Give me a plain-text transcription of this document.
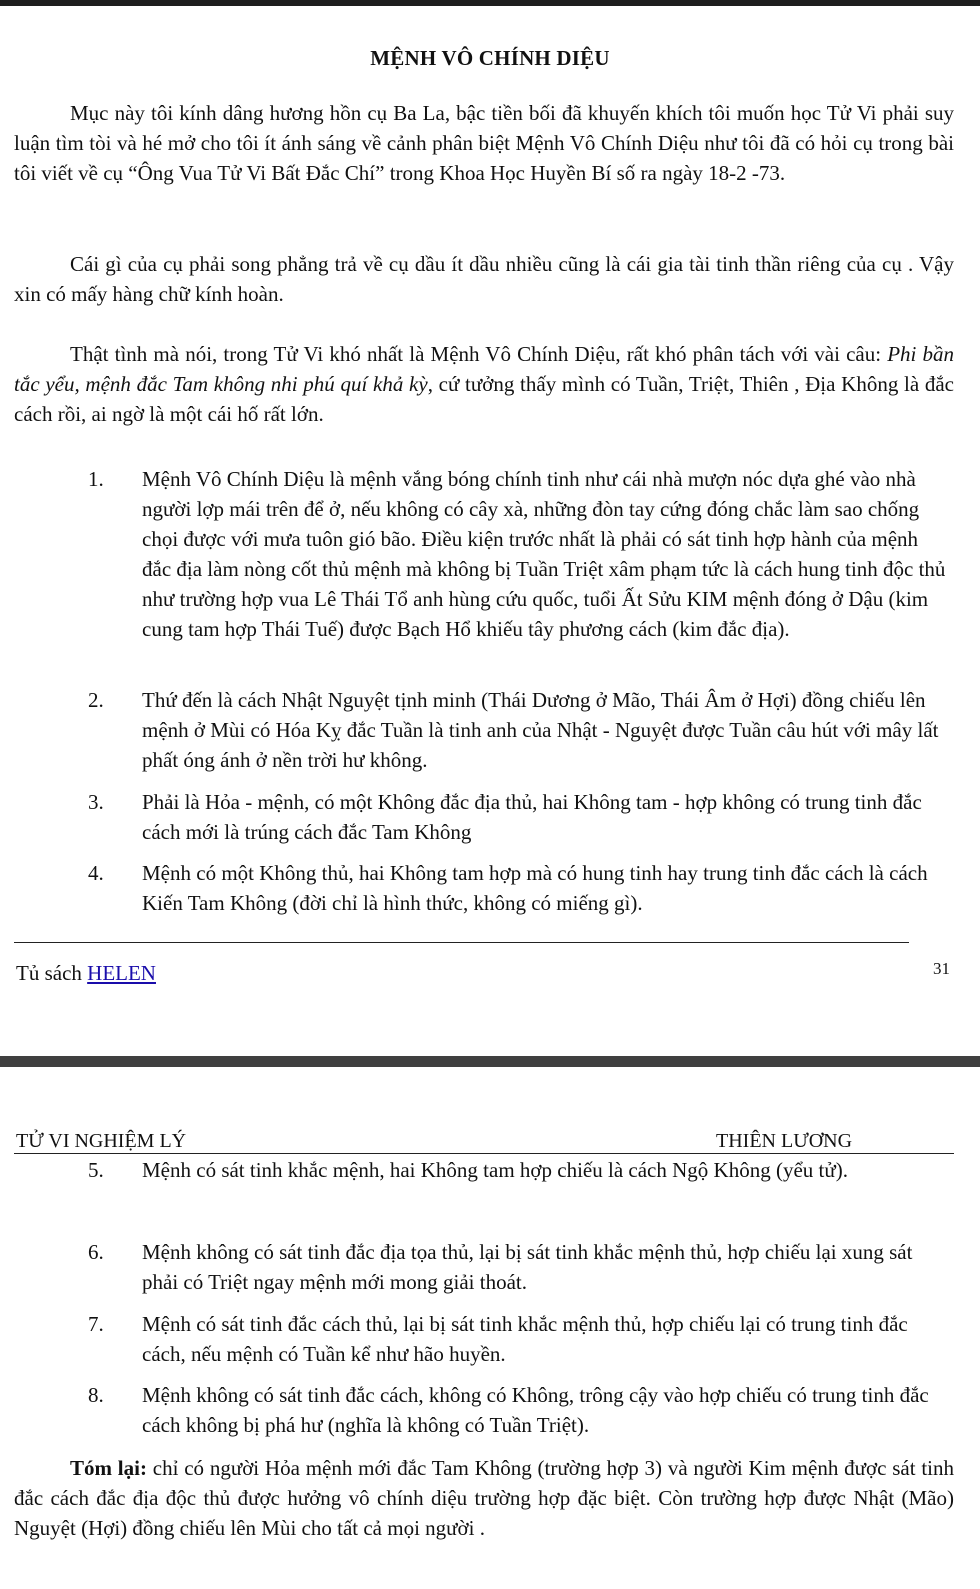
MỆNH VÔ CHÍNH DIỆU

Mục này tôi kính dâng hương hồn cụ Ba La, bậc tiền bối đã khuyến khích tôi muốn học Tử Vi phải suy luận tìm tòi và hé mở cho tôi ít ánh sáng về cảnh phân biệt Mệnh Vô Chính Diệu như tôi đã có hỏi cụ trong bài tôi viết về cụ “Ông Vua Tử Vi Bất Đắc Chí” trong Khoa Học Huyền Bí số ra ngày 18-2 -73.

Cái gì của cụ phải song phẳng trả về cụ dầu ít dầu nhiều cũng là cái gia tài tinh thần riêng của cụ . Vậy xin có mấy hàng chữ kính hoàn.

Thật tình mà nói, trong Tử Vi khó nhất là Mệnh Vô Chính Diệu, rất khó phân tách với vài câu: Phi bần tắc yểu, mệnh đắc Tam không nhi phú quí khả kỳ, cứ tưởng thấy mình có Tuần, Triệt, Thiên , Địa Không là đắc cách rồi, ai ngờ là một cái hố rất lớn.

1.	Mệnh Vô Chính Diệu là mệnh vắng bóng chính tinh như cái nhà mượn nóc dựa ghé vào nhà người lợp mái trên để ở, nếu không có cây xà, những đòn tay cứng đóng chắc làm sao chống chọi được với mưa tuôn gió bão. Điều kiện trước nhất là phải có sát tinh hợp hành của mệnh đắc địa làm nòng cốt thủ mệnh mà không bị Tuần Triệt xâm phạm tức là cách hung tinh độc thủ như trường hợp vua Lê Thái Tổ anh hùng cứu quốc, tuổi Ất Sửu KIM mệnh đóng ở Dậu (kim cung tam hợp Thái Tuế) được Bạch Hổ khiếu tây phương cách (kim đắc địa).
2.	Thứ đến là cách Nhật Nguyệt tịnh minh (Thái Dương ở Mão, Thái Âm ở Hợi) đồng chiếu lên mệnh ở Mùi có Hóa Kỵ đắc Tuần là tinh anh của Nhật - Nguyệt được Tuần câu hút với mây lất phất óng ánh ở nền trời hư không.
3.	Phải là Hỏa - mệnh, có một Không đắc địa thủ, hai Không tam - hợp không có trung tinh đắc cách mới là trúng cách đắc Tam Không
4.	Mệnh có một Không thủ, hai Không tam hợp mà có hung tinh hay trung tinh đắc cách là cách Kiến Tam Không (đời chỉ là hình thức, không có miếng gì).
Tủ sách HELEN	31
TỬ VI NGHIỆM LÝ	THIÊN LƯƠNG
5.	Mệnh có sát tinh khắc mệnh, hai Không tam hợp chiếu là cách Ngộ Không (yểu tử).
6.	Mệnh không có sát tinh đắc địa tọa thủ, lại bị sát tinh khắc mệnh thủ, hợp chiếu lại xung sát phải có Triệt ngay mệnh mới mong giải thoát.
7.	Mệnh có sát tinh đắc cách thủ, lại bị sát tinh khắc mệnh thủ, hợp chiếu lại có trung tinh đắc cách, nếu mệnh có Tuần kể như hão huyền.
8.	Mệnh không có sát tinh đắc cách, không có Không, trông cậy vào hợp chiếu có trung tinh đắc cách không bị phá hư (nghĩa là không có Tuần Triệt).

Tóm lại: chỉ có người Hỏa mệnh mới đắc Tam Không (trường hợp 3) và người Kim mệnh được sát tinh đắc cách đắc địa độc thủ được hưởng vô chính diệu trường hợp đặc biệt. Còn trường hợp được Nhật (Mão) Nguyệt (Hợi) đồng chiếu lên Mùi cho tất cả mọi người .
